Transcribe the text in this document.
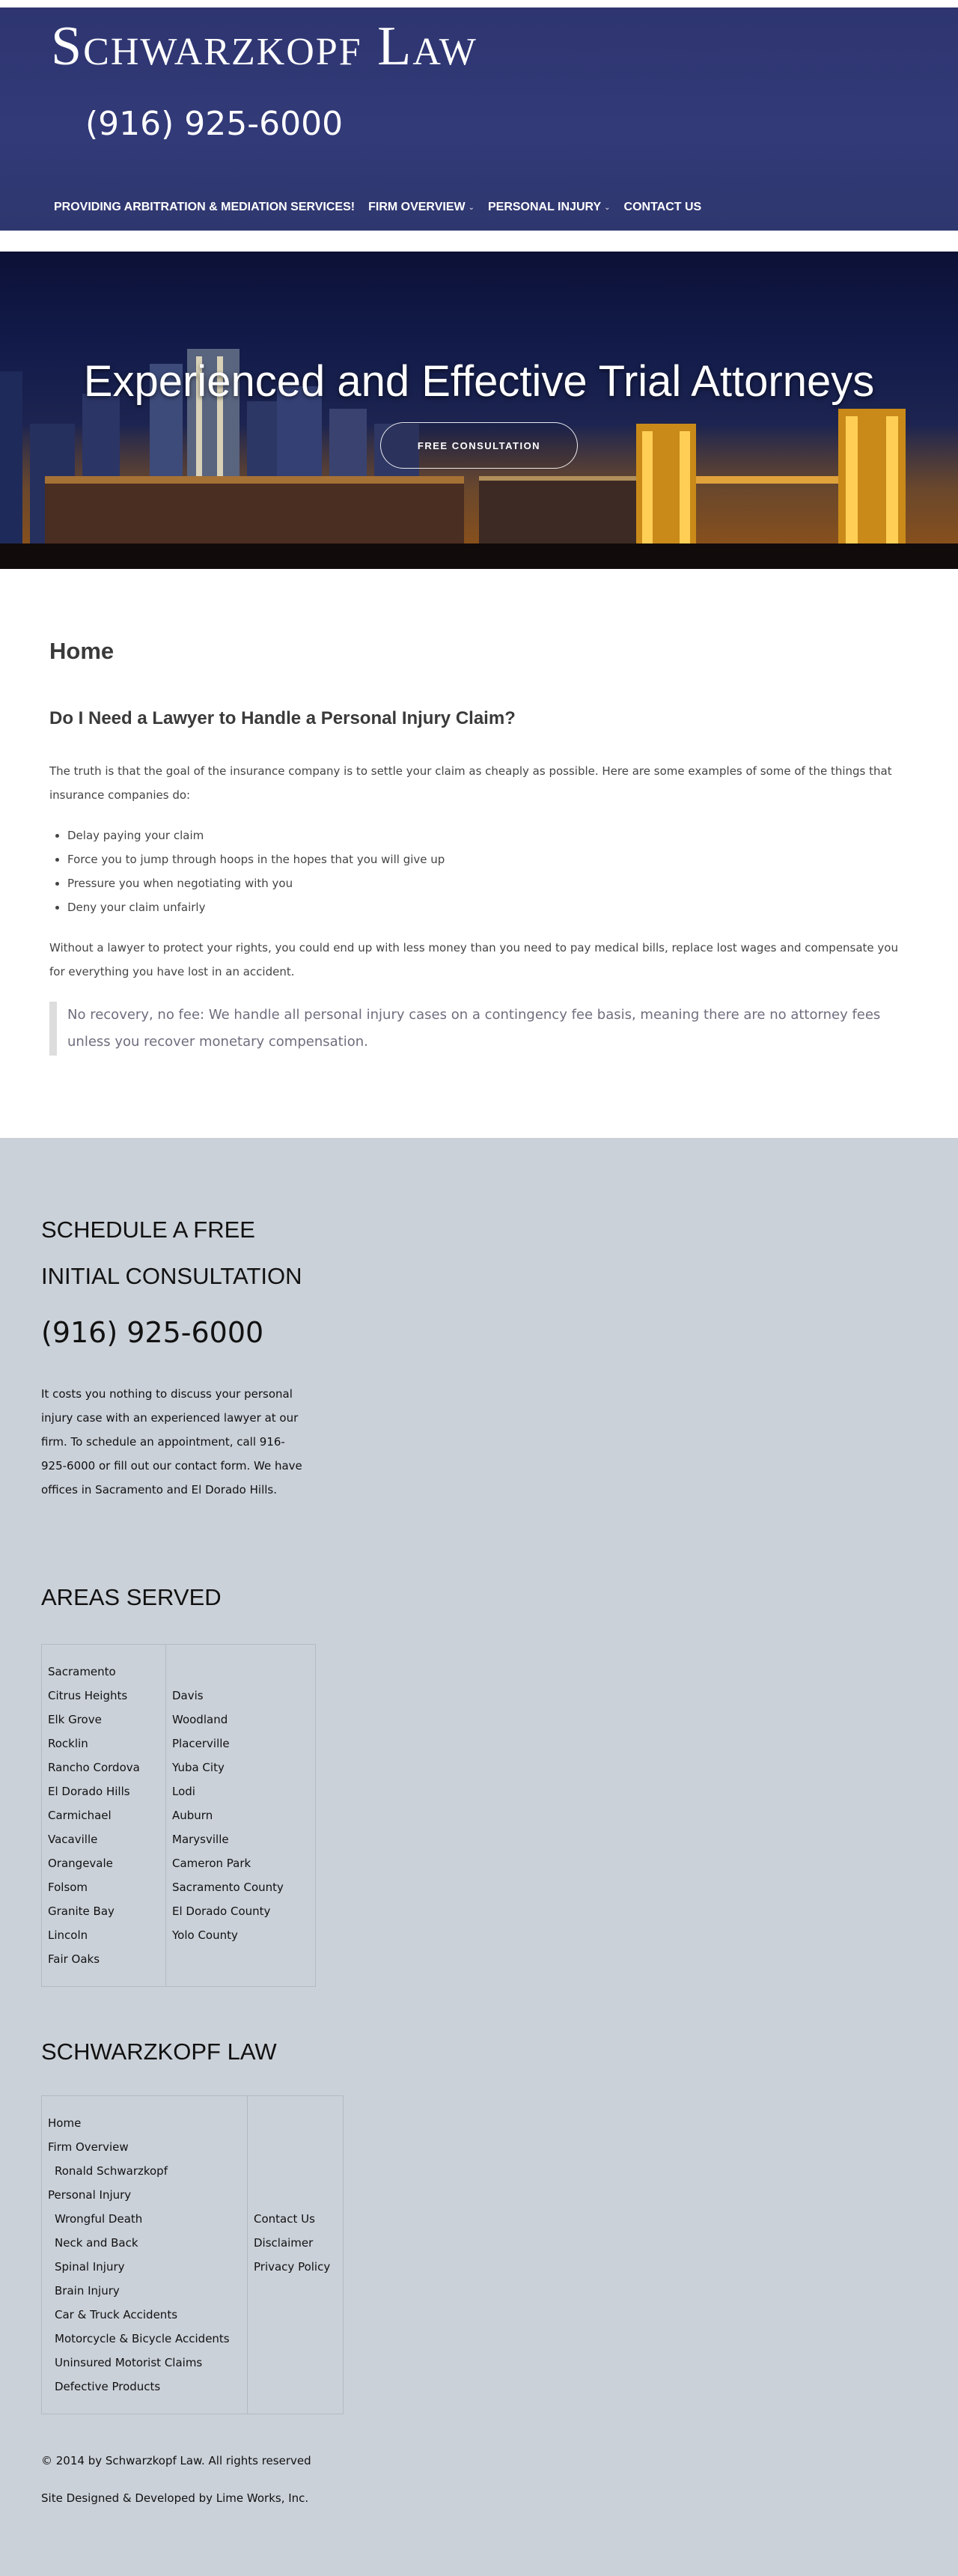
Schwarzkopf Law
(916) 925-6000
PROVIDING ARBITRATION & MEDIATION SERVICES! FIRM OVERVIEW ⌄ PERSONAL INJURY ⌄ CONTACT US
Experienced and Effective Trial Attorneys
FREE CONSULTATION
Home
Do I Need a Lawyer to Handle a Personal Injury Claim?

The truth is that the goal of the insurance company is to settle your claim as cheaply as possible. Here are some examples of some of the things that insurance companies do:

• Delay paying your claim
• Force you to jump through hoops in the hopes that you will give up
• Pressure you when negotiating with you
• Deny your claim unfairly

Without a lawyer to protect your rights, you could end up with less money than you need to pay medical bills, replace lost wages and compensate you for everything you have lost in an accident.

No recovery, no fee: We handle all personal injury cases on a contingency fee basis, meaning there are no attorney fees unless you recover monetary compensation.
SCHEDULE A FREE
INITIAL CONSULTATION
(916) 925-6000

It costs you nothing to discuss your personal injury case with an experienced lawyer at our firm. To schedule an appointment, call 916-925-6000 or fill out our contact form. We have offices in Sacramento and El Dorado Hills.

AREAS SERVED
Sacramento
Citrus Heights
Elk Grove
Rocklin
Rancho Cordova
El Dorado Hills
Carmichael
Vacaville
Orangevale
Folsom
Granite Bay
Lincoln
Fair Oaks

Davis
Woodland
Placerville
Yuba City
Lodi
Auburn
Marysville
Cameron Park
Sacramento County
El Dorado County
Yolo County
SCHWARZKOPF LAW
Home
Firm Overview
Ronald Schwarzkopf
Personal Injury
Wrongful Death
Neck and Back
Spinal Injury
Brain Injury
Car & Truck Accidents
Motorcycle & Bicycle Accidents
Uninsured Motorist Claims
Defective Products

Contact Us
Disclaimer
Privacy Policy
© 2014 by Schwarzkopf Law. All rights reserved
Site Designed & Developed by Lime Works, Inc.
